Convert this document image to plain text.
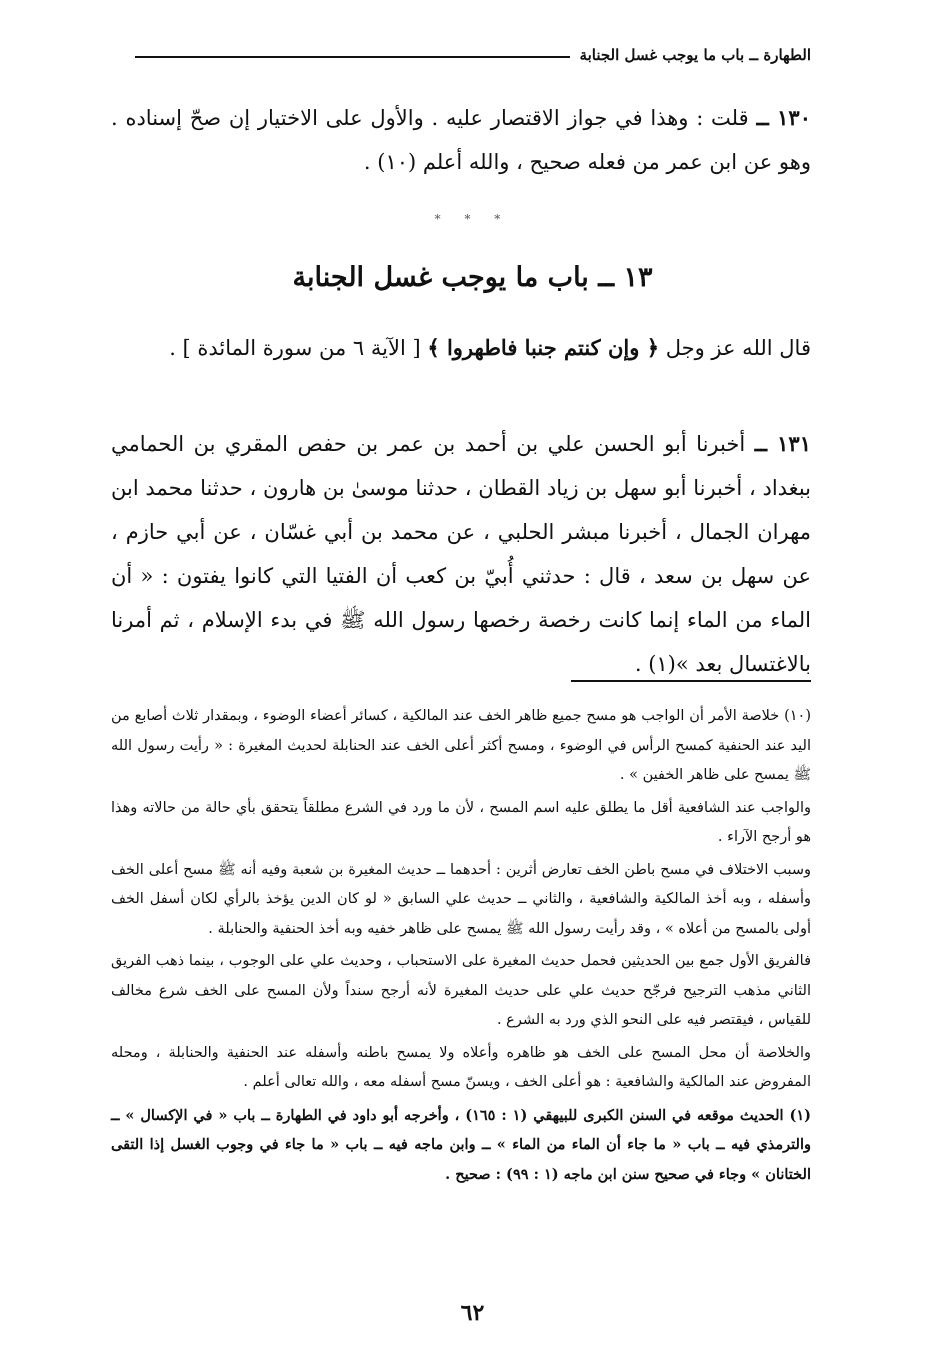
الطهارة ــ باب ما يوجب غسل الجنابة

١٣٠ ــ قلت : وهذا في جواز الاقتصار عليه . والأول على الاختيار إن صحّ إسناده . وهو عن ابن عمر من فعله صحيح ، والله أعلم (١٠) .

* * *
١٣ ــ باب ما يوجب غسل الجنابة

قال الله عز وجل ﴿ وإن كنتم جنبا فاطهروا ﴾ [ الآية ٦ من سورة المائدة ] .

١٣١ ــ أخبرنا أبو الحسن علي بن أحمد بن عمر بن حفص المقري بن الحمامي ببغداد ، أخبرنا أبو سهل بن زياد القطان ، حدثنا موسىٰ بن هارون ، حدثنا محمد ابن مهران الجمال ، أخبرنا مبشر الحلبي ، عن محمد بن أبي غسّان ، عن أبي حازم ، عن سهل بن سعد ، قال : حدثني أُبيّ بن كعب أن الفتيا التي كانوا يفتون : « أن الماء من الماء إنما كانت رخصة رخصها رسول الله ﷺ في بدء الإسلام ، ثم أمرنا بالاغتسال بعد »(١) .

(١٠) خلاصة الأمر أن الواجب هو مسح جميع ظاهر الخف عند المالكية ، كسائر أعضاء الوضوء ، وبمقدار ثلاث أصابع من اليد عند الحنفية كمسح الرأس في الوضوء ، ومسح أكثر أعلى الخف عند الحنابلة لحديث المغيرة : « رأيت رسول الله ﷺ يمسح على ظاهر الخفين » .

والواجب عند الشافعية أقل ما يطلق عليه اسم المسح ، لأن ما ورد في الشرع مطلقاً يتحقق بأي حالة من حالاته وهذا هو أرجح الآراء .

وسبب الاختلاف في مسح باطن الخف تعارض أثرين : أحدهما ــ حديث المغيرة بن شعبة وفيه أنه ﷺ مسح أعلى الخف وأسفله ، وبه أخذ المالكية والشافعية ، والثاني ــ حديث علي السابق « لو كان الدين يؤخذ بالرأي لكان أسفل الخف أولى بالمسح من أعلاه » ، وقد رأيت رسول الله ﷺ يمسح على ظاهر خفيه وبه أخذ الحنفية والحنابلة .

فالفريق الأول جمع بين الحديثين فحمل حديث المغيرة على الاستحباب ، وحديث علي على الوجوب ، بينما ذهب الفريق الثاني مذهب الترجيح فرجّح حديث علي على حديث المغيرة لأنه أرجح سنداً ولأن المسح على الخف شرع مخالف للقياس ، فيقتصر فيه على النحو الذي ورد به الشرع .

والخلاصة أن محل المسح على الخف هو ظاهره وأعلاه ولا يمسح باطنه وأسفله عند الحنفية والحنابلة ، ومحله المفروض عند المالكية والشافعية : هو أعلى الخف ، ويسنّ مسح أسفله معه ، والله تعالى أعلم .

(١) الحديث موقعه في السنن الكبرى للبيهقي (١ : ١٦٥) ، وأخرجه أبو داود في الطهارة ــ باب « في الإكسال » ــ والترمذي فيه ــ باب « ما جاء أن الماء من الماء » ــ وابن ماجه فيه ــ باب « ما جاء في وجوب الغسل إذا التقى الختانان » وجاء في صحيح سنن ابن ماجه (١ : ٩٩) : صحيح .

٦٢
